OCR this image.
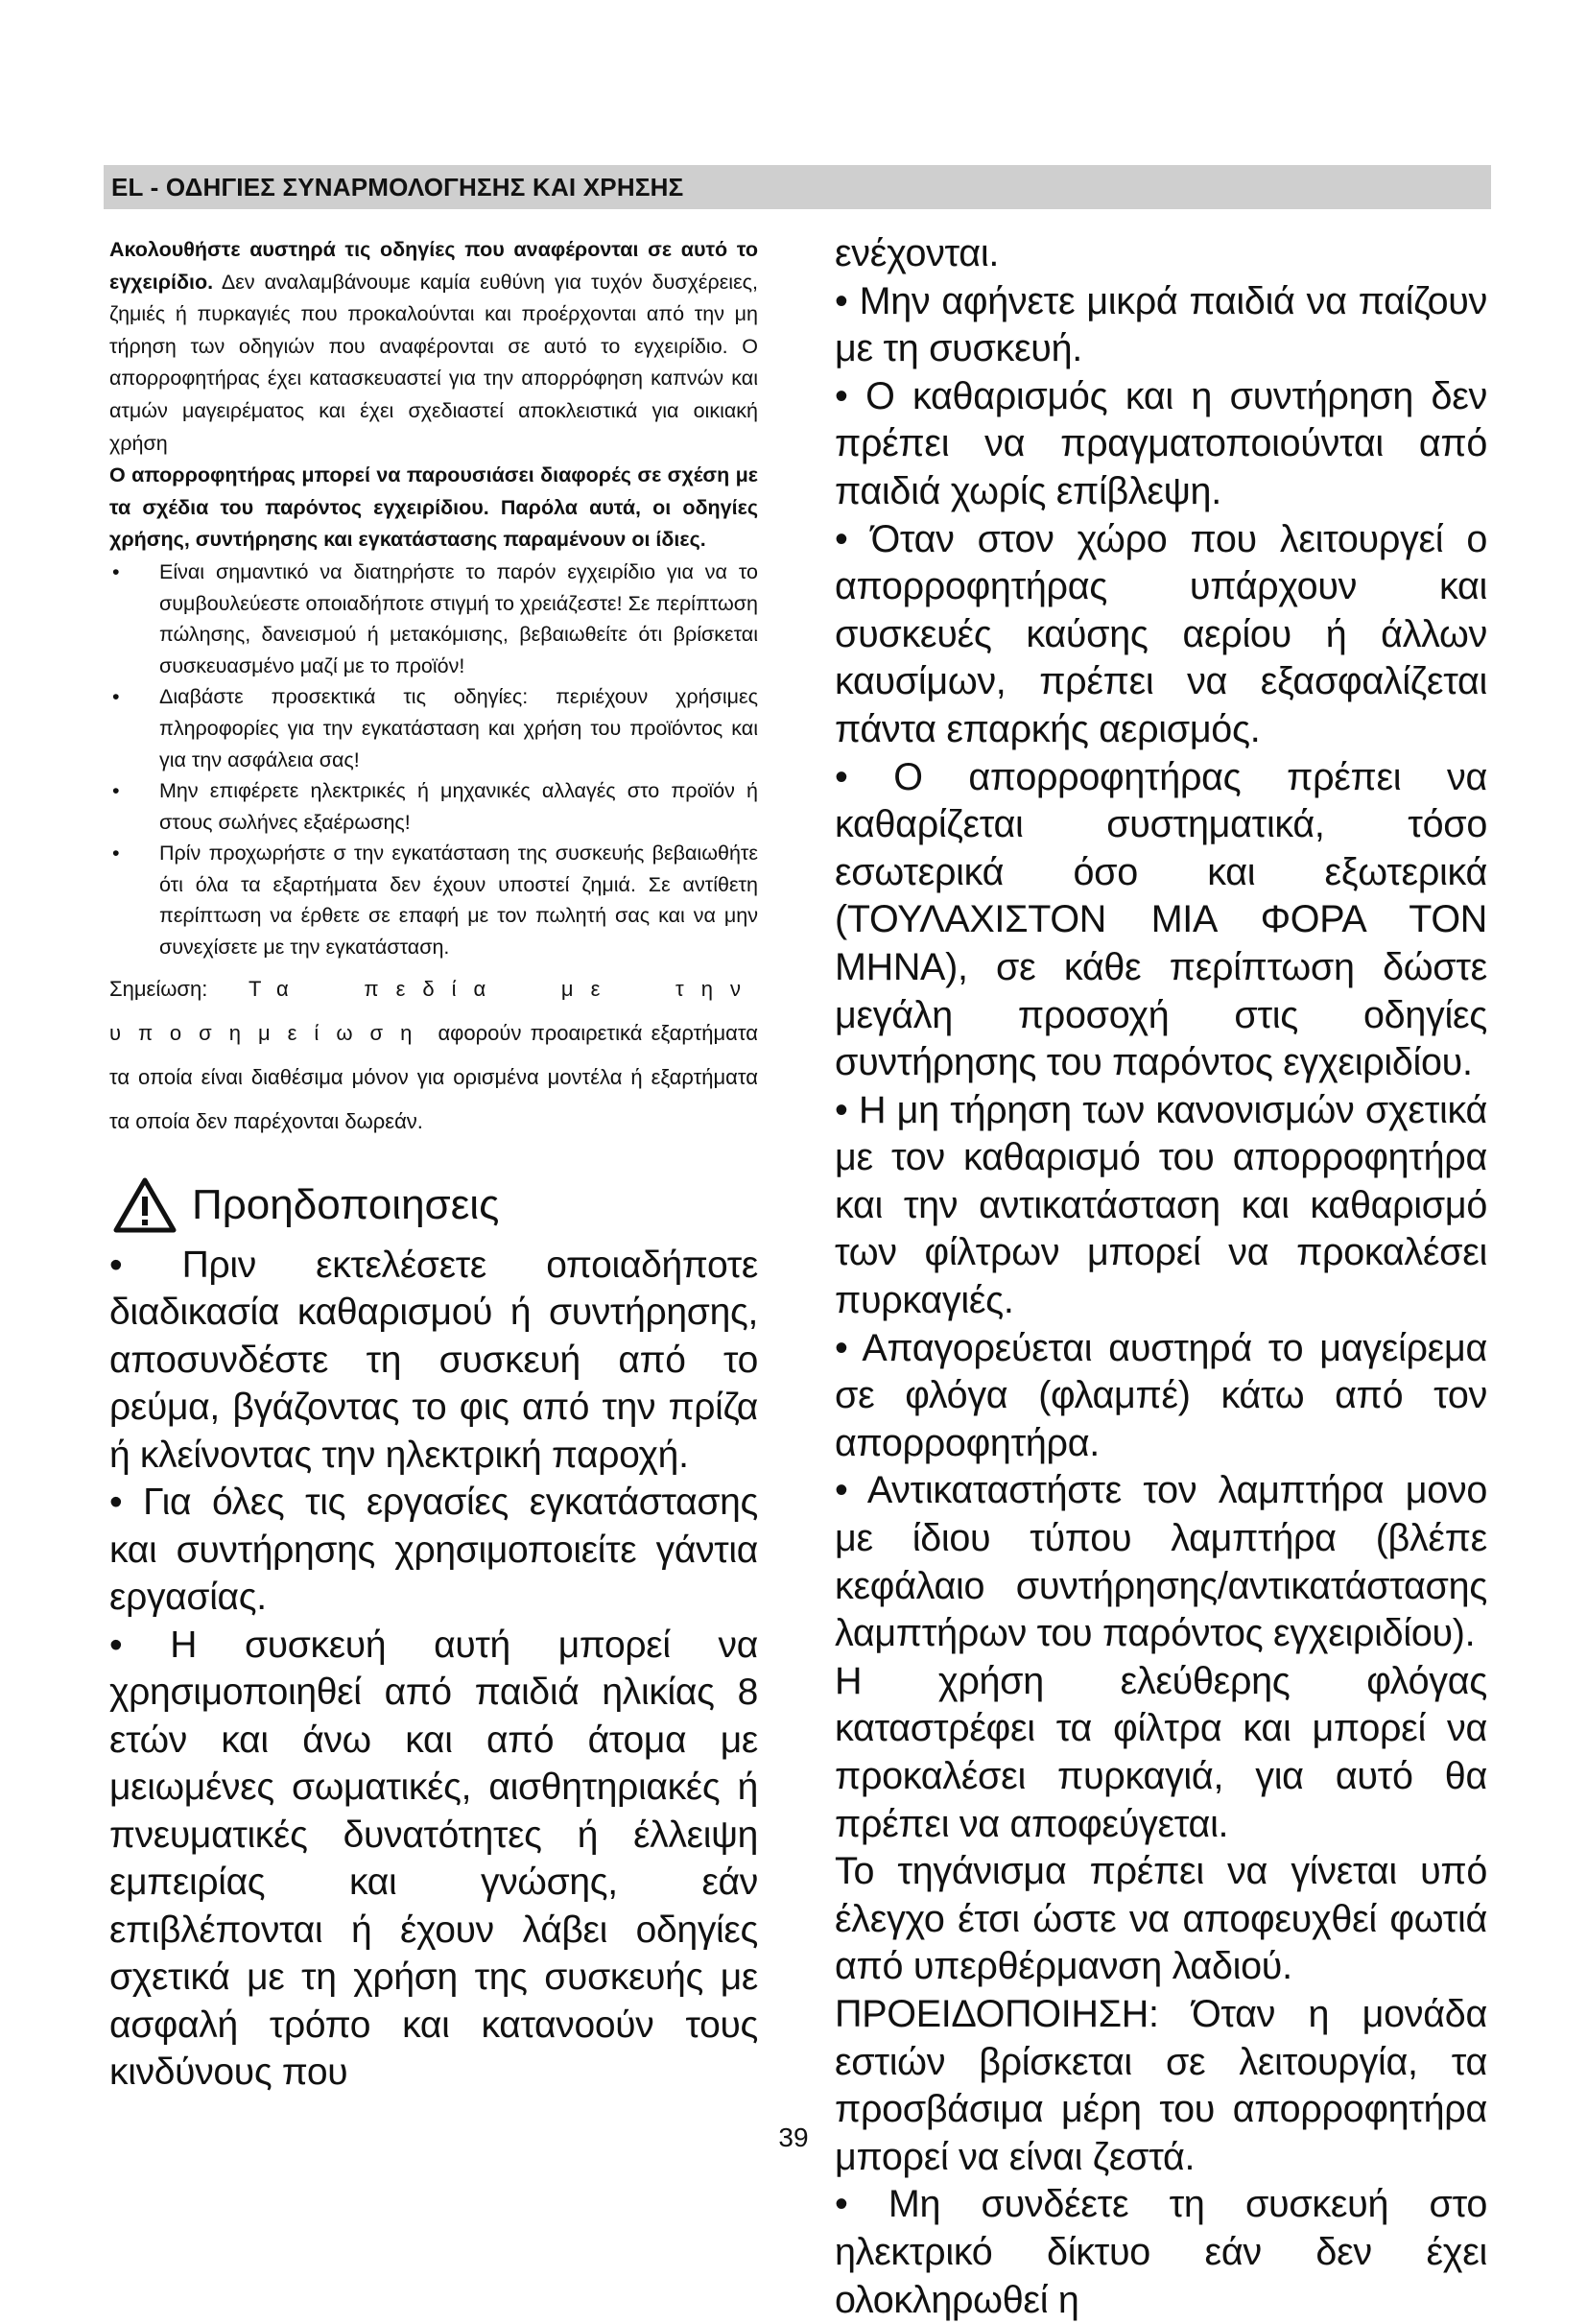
EL - ΟΔΗΓΙΕΣ ΣΥΝΑΡΜΟΛΟΓΗΣΗΣ ΚΑΙ ΧΡΗΣΗΣ

Ακολουθήστε αυστηρά τις οδηγίες που αναφέρονται σε αυτό το εγχειρίδιο. Δεν αναλαμβάνουμε καμία ευθύνη για τυχόν δυσχέρειες, ζημιές ή πυρκαγιές που προκαλούνται και προέρχονται από την μη τήρηση των οδηγιών που αναφέρονται σε αυτό το εγχειρίδιο. Ο απορροφητήρας έχει κατασκευαστεί για την απορρόφηση καπνών και ατμών μαγειρέματος και έχει σχεδιαστεί αποκλειστικά για οικιακή χρήση

Ο απορροφητήρας μπορεί να παρουσιάσει διαφορές σε σχέση με τα σχέδια του παρόντος εγχειρίδιου. Παρόλα αυτά, οι οδηγίες χρήσης, συντήρησης και εγκατάστασης παραμένουν οι ίδιες.

• Είναι σημαντικό να διατηρήστε το παρόν εγχειρίδιο για να το συμβουλεύεστε οποιαδήποτε στιγμή το χρειάζεστε! Σε περίπτωση πώλησης, δανεισμού ή μετακόμισης, βεβαιωθείτε ότι βρίσκεται συσκευασμένο μαζί με το προϊόν!
• Διαβάστε προσεκτικά τις οδηγίες: περιέχουν χρήσιμες πληροφορίες για την εγκατάσταση και χρήση του προϊόντος και για την ασφάλεια σας!
• Μην επιφέρετε ηλεκτρικές ή μηχανικές αλλαγές στο προϊόν ή στους σωλήνες εξαέρωσης!
• Πρίν προχωρήστε σ την εγκατάσταση της συσκευής βεβαιωθήτε ότι όλα τα εξαρτήματα δεν έχουν υποστεί ζημιά. Σε αντίθετη περίπτωση να έρθετε σε επαφή με τον πωλητή σας και να μην συνεχίσετε με την εγκατάσταση.
Σημείωση: Τα πεδία με την υποσημείωση αφορούν προαιρετικά εξαρτήματα τα οποία είναι διαθέσιμα μόνον για ορισμένα μοντέλα ή εξαρτήματα τα οποία δεν παρέχονται δωρεάν.
Προηδοποιησεις

• Πριν εκτελέσετε οποιαδήποτε διαδικασία καθαρισμού ή συντήρησης, αποσυνδέστε τη συσκευή από το ρεύμα, βγάζοντας το φις από την πρίζα ή κλείνοντας την ηλεκτρική παροχή.

• Για όλες τις εργασίες εγκατάστασης και συντήρησης χρησιμοποιείτε γάντια εργασίας.

• Η συσκευή αυτή μπορεί να χρησιμοποιηθεί από παιδιά ηλικίας 8 ετών και άνω και από άτομα με μειωμένες σωματικές, αισθητηριακές ή πνευματικές δυνατότητες ή έλλειψη εμπειρίας και γνώσης, εάν επιβλέπονται ή έχουν λάβει οδηγίες σχετικά με τη χρήση της συσκευής με ασφαλή τρόπο και κατανοούν τους κινδύνους που

ενέχονται.

• Μην αφήνετε μικρά παιδιά να παίζουν με τη συσκευή.

• Ο καθαρισμός και η συντήρηση δεν πρέπει να πραγματοποιούνται από παιδιά χωρίς επίβλεψη.

• Όταν στον χώρο που λειτουργεί ο απορροφητήρας υπάρχουν και συσκευές καύσης αερίου ή άλλων καυσίμων, πρέπει να εξασφαλίζεται πάντα επαρκής αερισμός.

• Ο απορροφητήρας πρέπει να καθαρίζεται συστηματικά, τόσο εσωτερικά όσο και εξωτερικά (ΤΟΥΛΑΧΙΣΤΟΝ ΜΙΑ ΦΟΡΑ ΤΟΝ ΜΗΝΑ), σε κάθε περίπτωση δώστε μεγάλη προσοχή στις οδηγίες συντήρησης του παρόντος εγχειριδίου.

• Η μη τήρηση των κανονισμών σχετικά με τον καθαρισμό του απορροφητήρα και την αντικατάσταση και καθαρισμό των φίλτρων μπορεί να προκαλέσει πυρκαγιές.

• Απαγορεύεται αυστηρά το μαγείρεμα σε φλόγα (φλαμπέ) κάτω από τον απορροφητήρα.

• Αντικαταστήστε τον λαμπτήρα μονο με ίδιου τύπου λαμπτήρα (βλέπε κεφάλαιο συντήρησης/αντικατάστασης λαμπτήρων του παρόντος εγχειριδίου).

Η χρήση ελεύθερης φλόγας καταστρέφει τα φίλτρα και μπορεί να προκαλέσει πυρκαγιά, για αυτό θα πρέπει να αποφεύγεται.

Το τηγάνισμα πρέπει να γίνεται υπό έλεγχο έτσι ώστε να αποφευχθεί φωτιά από υπερθέρμανση λαδιού.

ΠΡΟΕΙΔΟΠΟΙΗΣΗ: Όταν η μονάδα εστιών βρίσκεται σε λειτουργία, τα προσβάσιμα μέρη του απορροφητήρα μπορεί να είναι ζεστά.

• Μη συνδέετε τη συσκευή στο ηλεκτρικό δίκτυο εάν δεν έχει ολοκληρωθεί η

39
